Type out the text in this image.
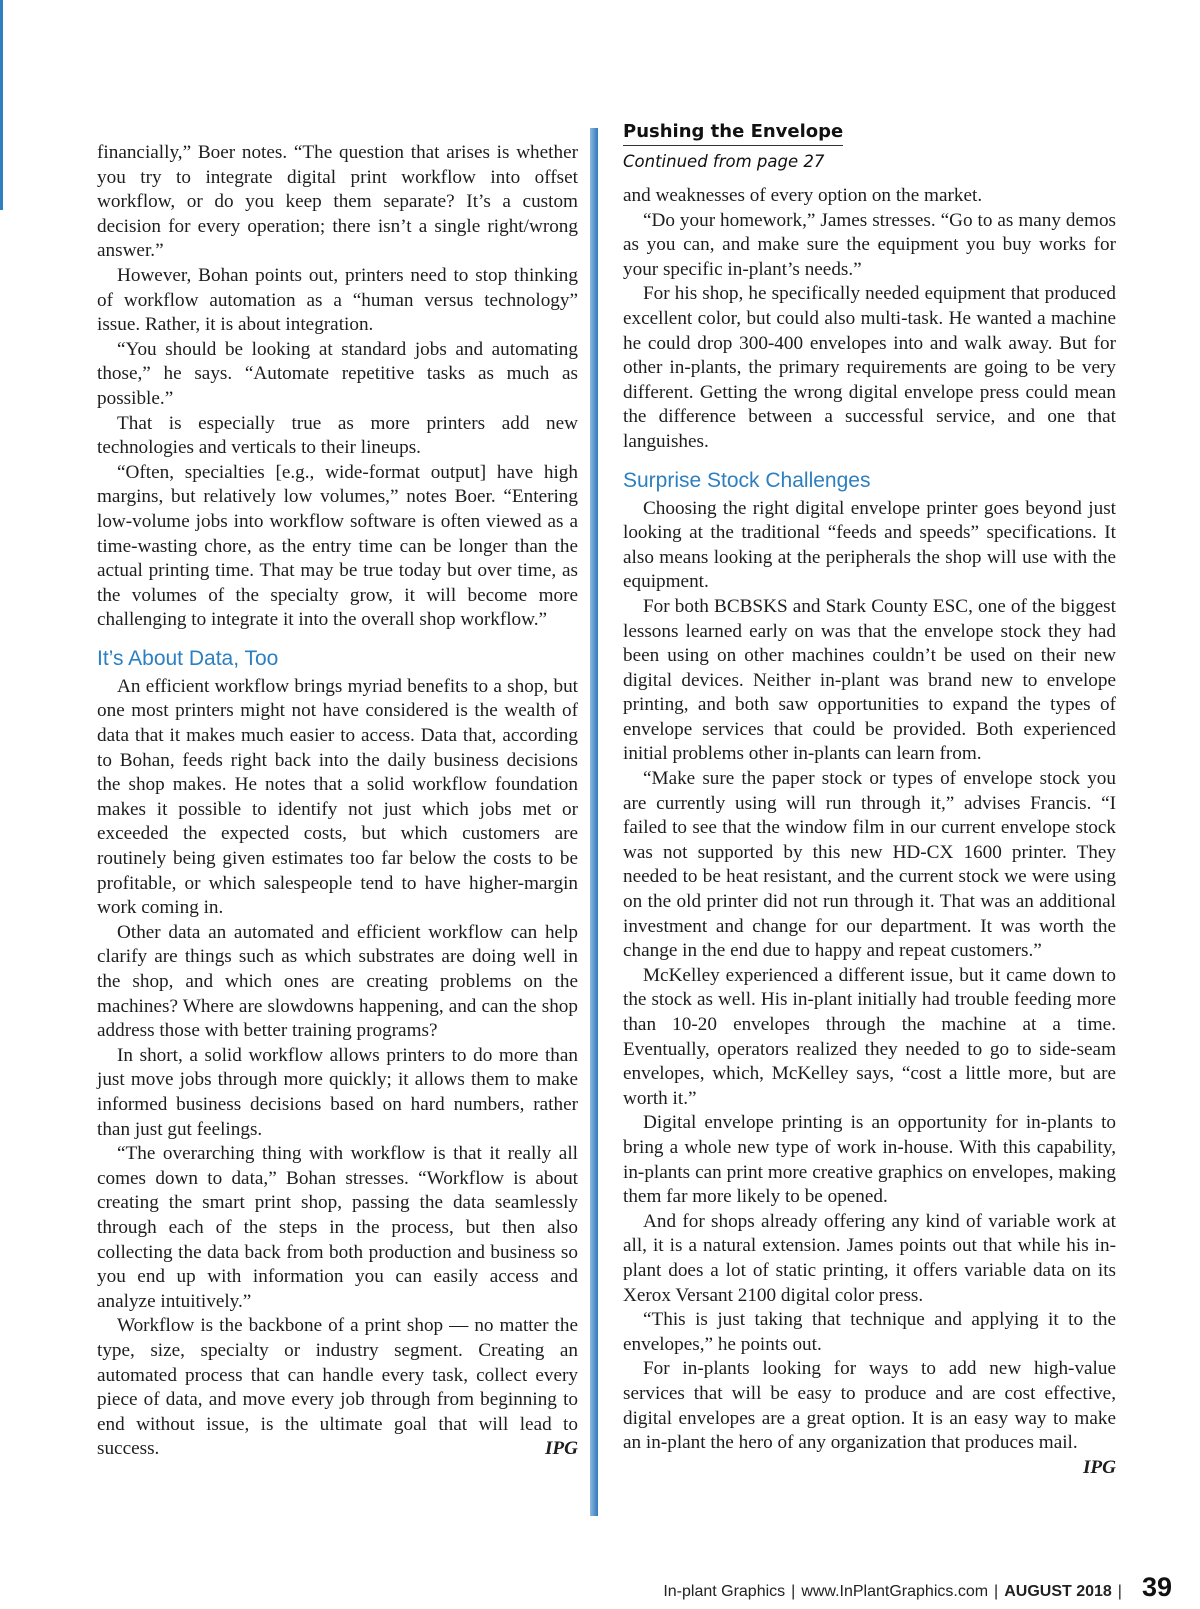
financially,” Boer notes. “The question that arises is whether you try to integrate digital print workflow into offset workflow, or do you keep them separate? It’s a custom decision for every operation; there isn’t a single right/wrong answer.”

However, Bohan points out, printers need to stop thinking of workflow automation as a “human versus technology” issue. Rather, it is about integration.

“You should be looking at standard jobs and automating those,” he says. “Automate repetitive tasks as much as possible.”

That is especially true as more printers add new technologies and verticals to their lineups.

“Often, specialties [e.g., wide-format output] have high margins, but relatively low volumes,” notes Boer. “Entering low-volume jobs into workflow software is often viewed as a time-wasting chore, as the entry time can be longer than the actual printing time. That may be true today but over time, as the volumes of the specialty grow, it will become more challenging to integrate it into the overall shop workflow.”

It’s About Data, Too

An efficient workflow brings myriad benefits to a shop, but one most printers might not have considered is the wealth of data that it makes much easier to access. Data that, according to Bohan, feeds right back into the daily business decisions the shop makes. He notes that a solid workflow foundation makes it possible to identify not just which jobs met or exceeded the expected costs, but which customers are routinely being given estimates too far below the costs to be profitable, or which salespeople tend to have higher-margin work coming in.

Other data an automated and efficient workflow can help clarify are things such as which substrates are doing well in the shop, and which ones are creating problems on the machines? Where are slowdowns happening, and can the shop address those with better training programs?

In short, a solid workflow allows printers to do more than just move jobs through more quickly; it allows them to make informed business decisions based on hard numbers, rather than just gut feelings.

“The overarching thing with workflow is that it really all comes down to data,” Bohan stresses. “Workflow is about creating the smart print shop, passing the data seamlessly through each of the steps in the process, but then also collecting the data back from both production and business so you end up with information you can easily access and analyze intuitively.”

Workflow is the backbone of a print shop — no matter the type, size, specialty or industry segment. Creating an automated process that can handle every task, collect every piece of data, and move every job through from beginning to end without issue, is the ultimate goal that will lead to success.	IPG

Pushing the Envelope
Continued from page 27

and weaknesses of every option on the market.

“Do your homework,” James stresses. “Go to as many demos as you can, and make sure the equipment you buy works for your specific in-plant’s needs.”

For his shop, he specifically needed equipment that produced excellent color, but could also multi-task. He wanted a machine he could drop 300-400 envelopes into and walk away. But for other in-plants, the primary requirements are going to be very different. Getting the wrong digital envelope press could mean the difference between a successful service, and one that languishes.

Surprise Stock Challenges

Choosing the right digital envelope printer goes beyond just looking at the traditional “feeds and speeds” specifications. It also means looking at the peripherals the shop will use with the equipment.

For both BCBSKS and Stark County ESC, one of the biggest lessons learned early on was that the envelope stock they had been using on other machines couldn’t be used on their new digital devices. Neither in-plant was brand new to envelope printing, and both saw opportunities to expand the types of envelope services that could be provided. Both experienced initial problems other in-plants can learn from.

“Make sure the paper stock or types of envelope stock you are currently using will run through it,” advises Francis. “I failed to see that the window film in our current envelope stock was not supported by this new HD-CX 1600 printer. They needed to be heat resistant, and the current stock we were using on the old printer did not run through it. That was an additional investment and change for our department. It was worth the change in the end due to happy and repeat customers.”

McKelley experienced a different issue, but it came down to the stock as well. His in-plant initially had trouble feeding more than 10-20 envelopes through the machine at a time. Eventually, operators realized they needed to go to side-seam envelopes, which, McKelley says, “cost a little more, but are worth it.”

Digital envelope printing is an opportunity for in-plants to bring a whole new type of work in-house. With this capability, in-plants can print more creative graphics on envelopes, making them far more likely to be opened.

And for shops already offering any kind of variable work at all, it is a natural extension. James points out that while his in-plant does a lot of static printing, it offers variable data on its Xerox Versant 2100 digital color press.

“This is just taking that technique and applying it to the envelopes,” he points out.

For in-plants looking for ways to add new high-value services that will be easy to produce and are cost effective, digital envelopes are a great option. It is an easy way to make an in-plant the hero of any organization that produces mail.
IPG

In-plant Graphics | www.InPlantGraphics.com | AUGUST 2018 | 39
